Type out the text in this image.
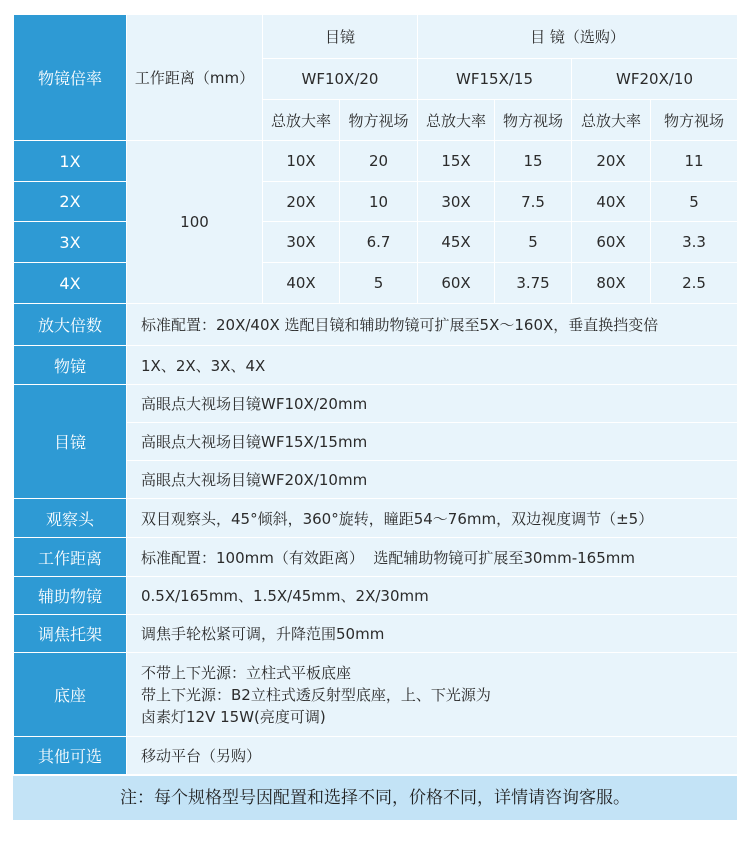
物镜倍率	工作距离（mm）	目镜		目 镜（选购）			
		WF10X/20		WF15X/15		WF20X/10	
		总放大率	物方视场	总放大率	物方视场	总放大率	物方视场
1X	100	10X	20	15X	15	20X	11
2X		20X	10	30X	7.5	40X	5
3X		30X	6.7	45X	5	60X	3.3
4X		40X	5	60X	3.75	80X	2.5
放大倍数	标准配置：20X/40X 选配目镜和辅助物镜可扩展至5X～160X，垂直换挡变倍						
物镜	1X、2X、3X、4X						
目镜	高眼点大视场目镜WF10X/20mm						
	高眼点大视场目镜WF15X/15mm						
	高眼点大视场目镜WF20X/10mm						
观察头	双目观察头，45°倾斜，360°旋转，瞳距54～76mm，双边视度调节（±5）						
工作距离	标准配置：100mm（有效距离）  选配辅助物镜可扩展至30mm-165mm						
辅助物镜	0.5X/165mm、1.5X/45mm、2X/30mm						
调焦托架	调焦手轮松紧可调，升降范围50mm						
底座	不带上下光源：立柱式平板底座
带上下光源：B2立柱式透反射型底座，上、下光源为
卤素灯12V 15W(亮度可调)						

其他可选	移动平台（另购）						
注：每个规格型号因配置和选择不同，价格不同，详情请咨询客服。
